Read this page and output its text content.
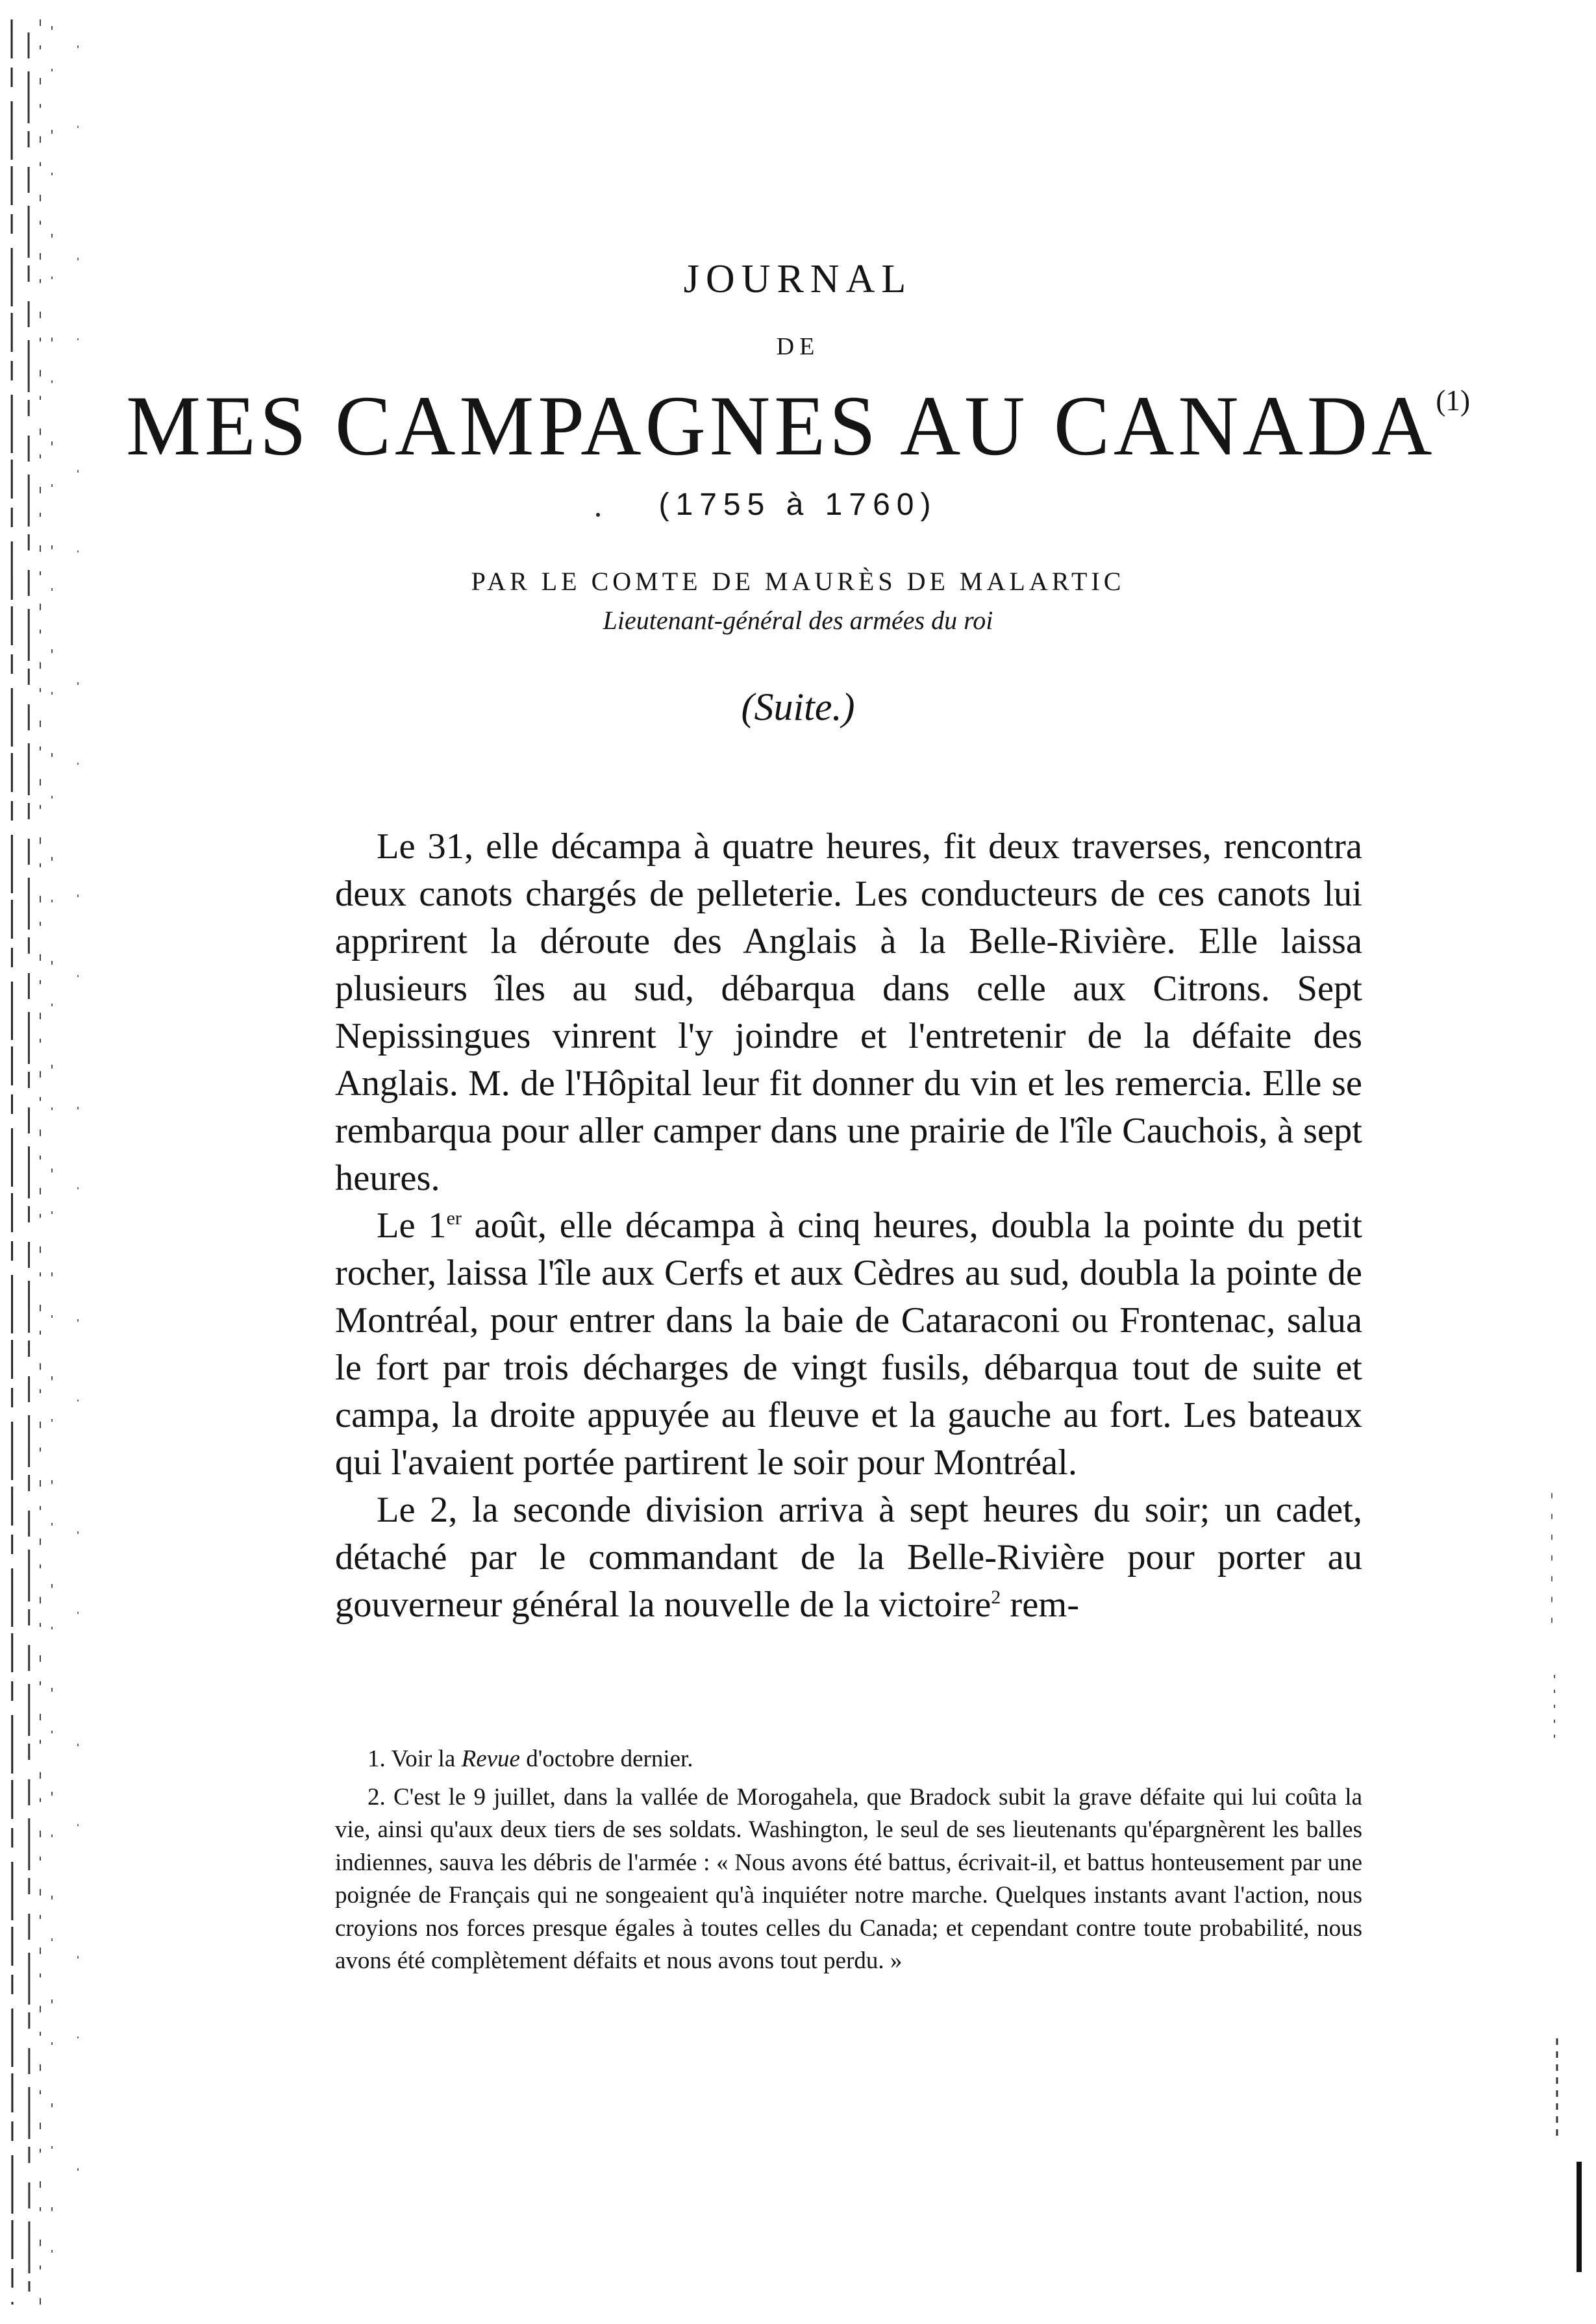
JOURNAL
DE
MES CAMPAGNES AU CANADA$^{(1)}$
(1755 à 1760)
PAR LE COMTE DE MAURÈS DE MALARTIC
Lieutenant-général des armées du roi
(Suite.)

Le 31, elle décampa à quatre heures, fit deux traverses, rencontra deux canots chargés de pelleterie. Les conducteurs de ces canots lui apprirent la déroute des Anglais à la Belle-Rivière. Elle laissa plusieurs îles au sud, débarqua dans celle aux Citrons. Sept Nepissingues vinrent l'y joindre et l'entretenir de la défaite des Anglais. M. de l'Hôpital leur fit donner du vin et les remercia. Elle se rembarqua pour aller camper dans une prairie de l'île Cauchois, à sept heures.

Le 1er août, elle décampa à cinq heures, doubla la pointe du petit rocher, laissa l'île aux Cerfs et aux Cèdres au sud, doubla la pointe de Montréal, pour entrer dans la baie de Cataraconi ou Frontenac, salua le fort par trois décharges de vingt fusils, débarqua tout de suite et campa, la droite appuyée au fleuve et la gauche au fort. Les bateaux qui l'avaient portée partirent le soir pour Montréal.

Le 2, la seconde division arriva à sept heures du soir; un cadet, détaché par le commandant de la Belle-Rivière pour porter au gouverneur général la nouvelle de la victoire$^2$ rem-

1. Voir la Revue d'octobre dernier.

2. C'est le 9 juillet, dans la vallée de Morogahela, que Bradock subit la grave défaite qui lui coûta la vie, ainsi qu'aux deux tiers de ses soldats. Washington, le seul de ses lieutenants qu'épargnèrent les balles indiennes, sauva les débris de l'armée : « Nous avons été battus, écrivait-il, et battus honteusement par une poignée de Français qui ne songeaient qu'à inquiéter notre marche. Quelques instants avant l'action, nous croyions nos forces presque égales à toutes celles du Canada; et cependant contre toute probabilité, nous avons été complètement défaits et nous avons tout perdu. »
